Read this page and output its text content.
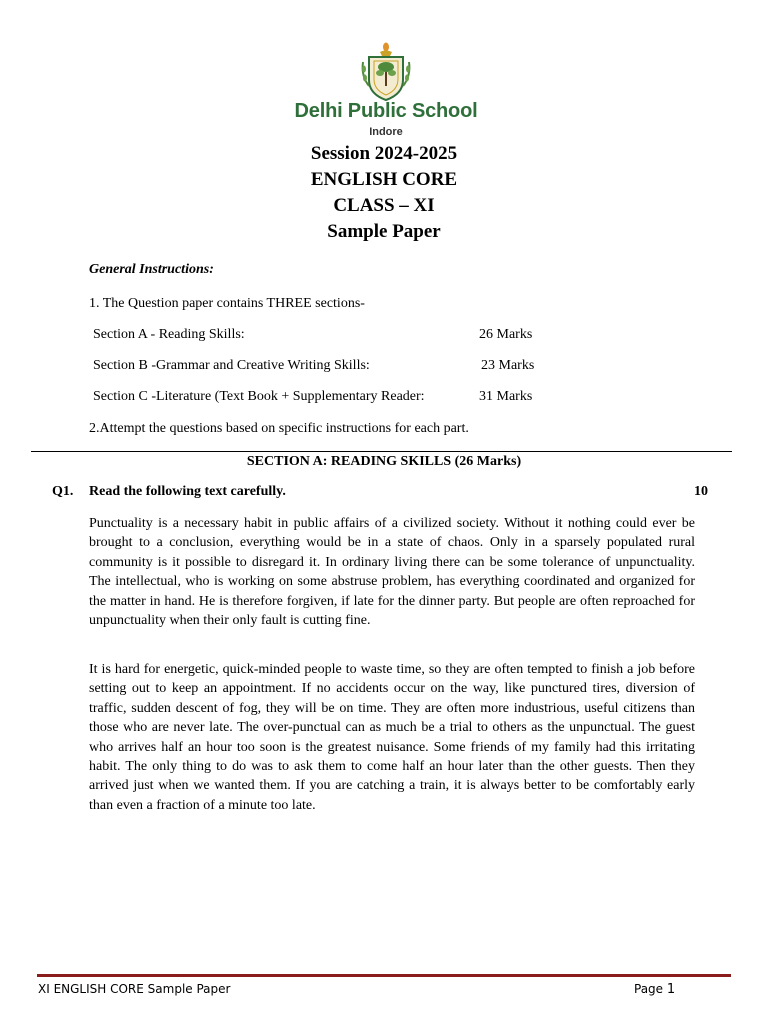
Delhi Public School
Indore
Session 2024-2025
ENGLISH CORE
CLASS – XI
Sample Paper
General Instructions:
1. The Question paper contains THREE sections-
Section A - Reading Skills:	26 Marks
Section B -Grammar and Creative Writing Skills:	23 Marks
Section C -Literature (Text Book + Supplementary Reader:	31 Marks
2.Attempt the questions based on specific instructions for each part.
SECTION A: READING SKILLS (26 Marks)
Q1. Read the following text carefully.	10

Punctuality is a necessary habit in public affairs of a civilized society. Without it nothing could ever be brought to a conclusion, everything would be in a state of chaos. Only in a sparsely populated rural community is it possible to disregard it. In ordinary living there can be some tolerance of unpunctuality. The intellectual, who is working on some abstruse problem, has everything coordinated and organized for the matter in hand. He is therefore forgiven, if late for the dinner party. But people are often reproached for unpunctuality when their only fault is cutting fine.

It is hard for energetic, quick-minded people to waste time, so they are often tempted to finish a job before setting out to keep an appointment. If no accidents occur on the way, like punctured tires, diversion of traffic, sudden descent of fog, they will be on time. They are often more industrious, useful citizens than those who are never late. The over-punctual can as much be a trial to others as the unpunctual. The guest who arrives half an hour too soon is the greatest nuisance. Some friends of my family had this irritating habit. The only thing to do was to ask them to come half an hour later than the other guests. Then they arrived just when we wanted them. If you are catching a train, it is always better to be comfortably early than even a fraction of a minute too late.

XI ENGLISH CORE Sample Paper	Page 1
